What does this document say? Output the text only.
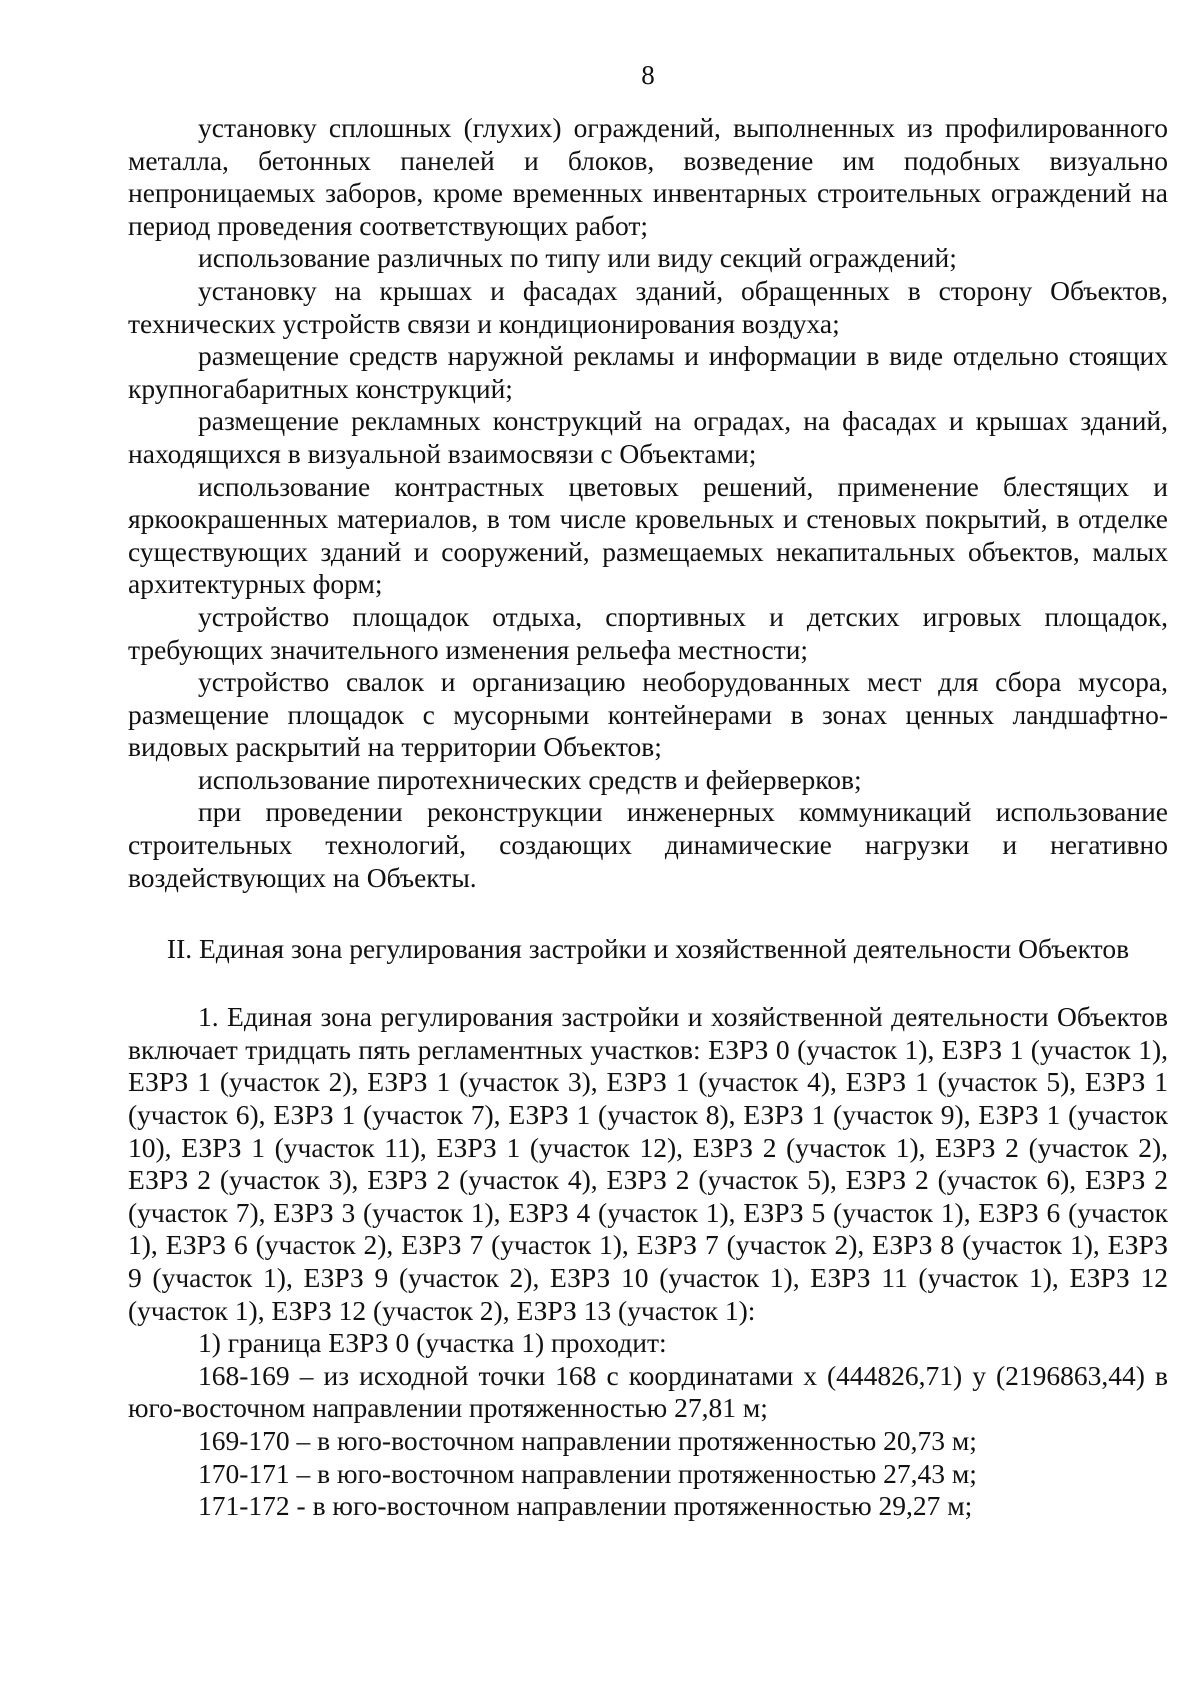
8

установку сплошных (глухих) ограждений, выполненных из профилированного металла, бетонных панелей и блоков, возведение им подобных визуально непроницаемых заборов, кроме временных инвентарных строительных ограждений на период проведения соответствующих работ;

использование различных по типу или виду секций ограждений;

установку на крышах и фасадах зданий, обращенных в сторону Объектов, технических устройств связи и кондиционирования воздуха;

размещение средств наружной рекламы и информации в виде отдельно стоящих крупногабаритных конструкций;

размещение рекламных конструкций на оградах, на фасадах и крышах зданий, находящихся в визуальной взаимосвязи с Объектами;

использование контрастных цветовых решений, применение блестящих и яркоокрашенных материалов, в том числе кровельных и стеновых покрытий, в отделке существующих зданий и сооружений, размещаемых некапитальных объектов, малых архитектурных форм;

устройство площадок отдыха, спортивных и детских игровых площадок, требующих значительного изменения рельефа местности;

устройство свалок и организацию необорудованных мест для сбора мусора, размещение площадок с мусорными контейнерами в зонах ценных ландшафтно-видовых раскрытий на территории Объектов;

использование пиротехнических средств и фейерверков;

при проведении реконструкции инженерных коммуникаций использование строительных технологий, создающих динамические нагрузки и негативно воздействующих на Объекты.

II. Единая зона регулирования застройки и хозяйственной деятельности Объектов

1. Единая зона регулирования застройки и хозяйственной деятельности Объектов включает тридцать пять регламентных участков: ЕЗРЗ 0 (участок 1), ЕЗРЗ 1 (участок 1), ЕЗРЗ 1 (участок 2), ЕЗРЗ 1 (участок 3), ЕЗРЗ 1 (участок 4), ЕЗРЗ 1 (участок 5), ЕЗРЗ 1 (участок 6), ЕЗРЗ 1 (участок 7), ЕЗРЗ 1 (участок 8), ЕЗРЗ 1 (участок 9), ЕЗРЗ 1 (участок 10), ЕЗРЗ 1 (участок 11), ЕЗРЗ 1 (участок 12), ЕЗРЗ 2 (участок 1), ЕЗРЗ 2 (участок 2), ЕЗРЗ 2 (участок 3), ЕЗРЗ 2 (участок 4), ЕЗРЗ 2 (участок 5), ЕЗРЗ 2 (участок 6), ЕЗРЗ 2 (участок 7), ЕЗРЗ 3 (участок 1), ЕЗРЗ 4 (участок 1), ЕЗРЗ 5 (участок 1), ЕЗРЗ 6 (участок 1), ЕЗРЗ 6 (участок 2), ЕЗРЗ 7 (участок 1), ЕЗРЗ 7 (участок 2), ЕЗРЗ 8 (участок 1), ЕЗРЗ 9 (участок 1), ЕЗРЗ 9 (участок 2), ЕЗРЗ 10 (участок 1), ЕЗРЗ 11 (участок 1), ЕЗРЗ 12 (участок 1), ЕЗРЗ 12 (участок 2), ЕЗРЗ 13 (участок 1):

1) граница ЕЗРЗ 0 (участка 1) проходит:

168-169 – из исходной точки 168 с координатами x (444826,71) y (2196863,44) в юго-восточном направлении протяженностью 27,81 м;

169-170 – в юго-восточном направлении протяженностью 20,73 м;

170-171 – в юго-восточном направлении протяженностью 27,43 м;

171-172 - в юго-восточном направлении протяженностью 29,27 м;
